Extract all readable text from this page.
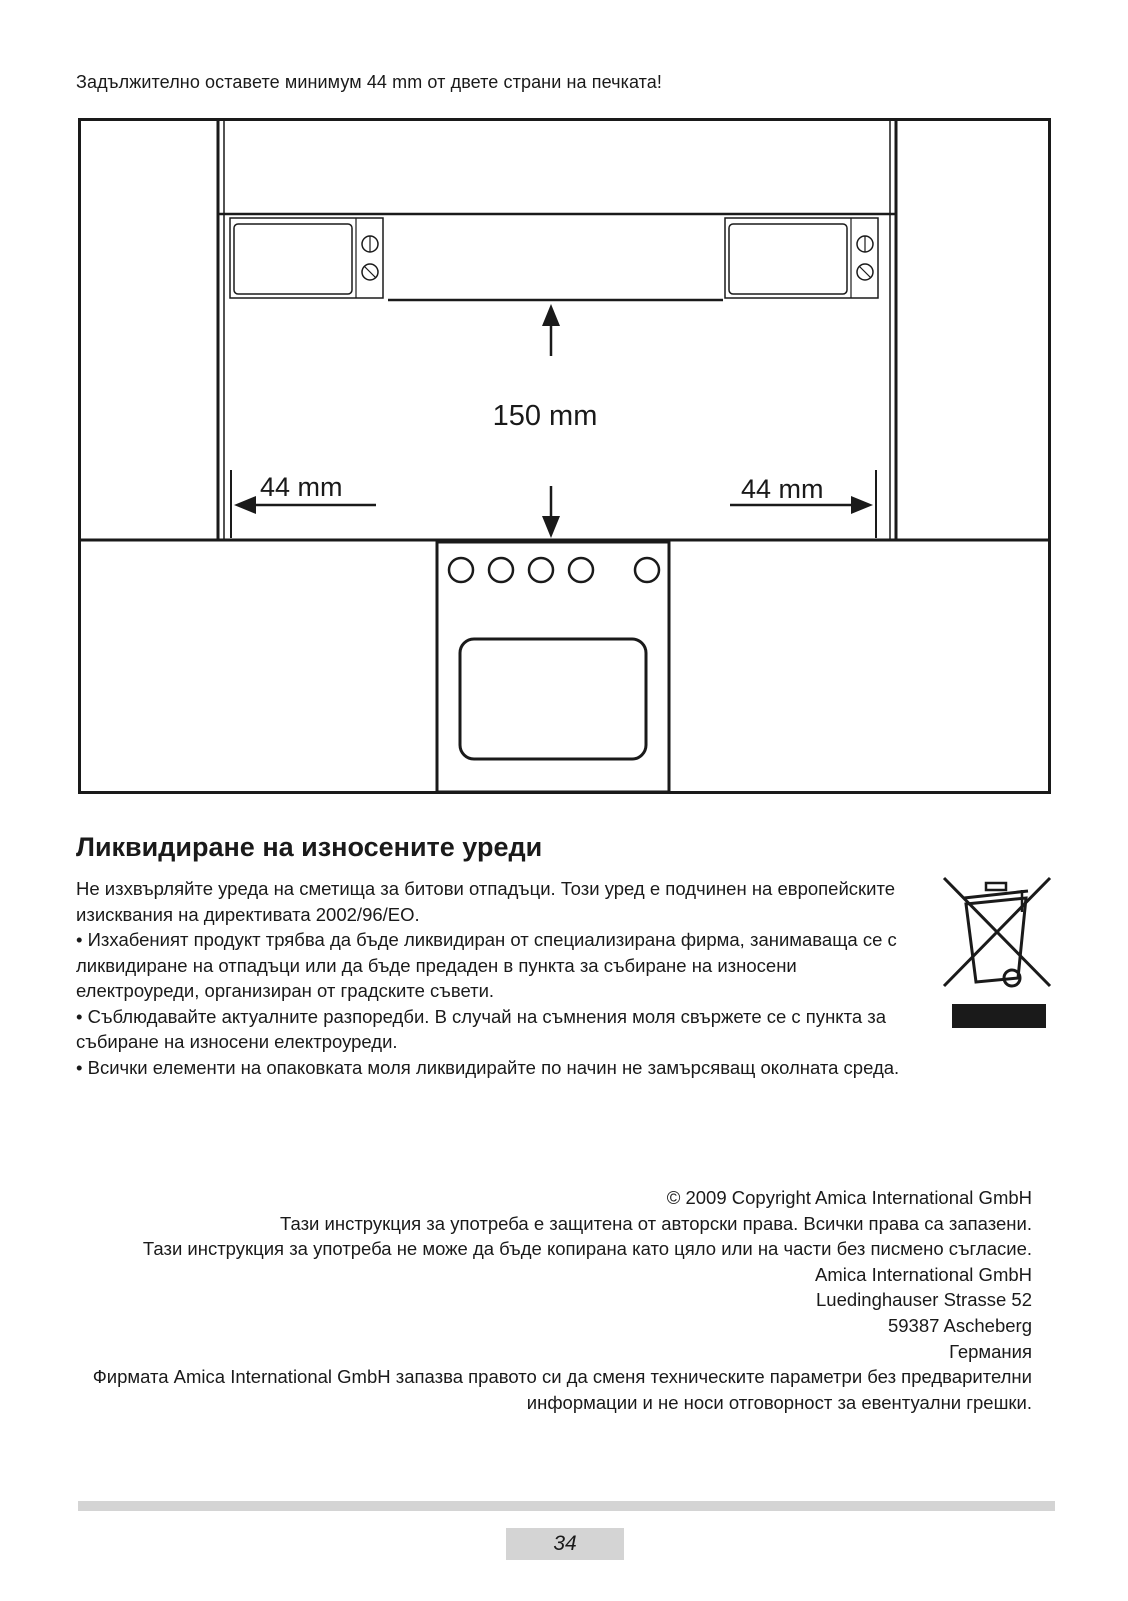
Задължително оставете минимум 44 mm от двете страни на печката!
150 mm
44 mm	44 mm
Ликвидиране на износените уреди

Не изхвърляйте уреда на сметища за битови отпадъци. Този уред е подчинен на европейските изисквания на директивата 2002/96/ЕО.

• Изхабеният продукт трябва да бъде ликвидиран от специализирана фирма, занимаваща се с ликвидиране на отпадъци или да бъде предаден в пункта за събиране на износени електроуреди, организиран от градските съвети.

• Съблюдавайте актуалните разпоредби. В случай на съмнения моля свържете се с пункта за събиране на износени електроуреди.

• Всички елементи на опаковката моля ликвидирайте по начин не замърсяващ околната среда.

© 2009 Copyright Amica International GmbH

Тази инструкция за употреба е защитена от авторски права. Всички права са запазени.

Тази инструкция за употреба не може да бъде копирана като цяло или на части без писмено съгласие.

Amica International GmbH

Luedinghauser Strasse 52

59387 Ascheberg

Германия

Фирмата Amica International GmbH запазва правото си да сменя техническите параметри без предварителни информации и не носи отговорност за евентуални грешки.

34
